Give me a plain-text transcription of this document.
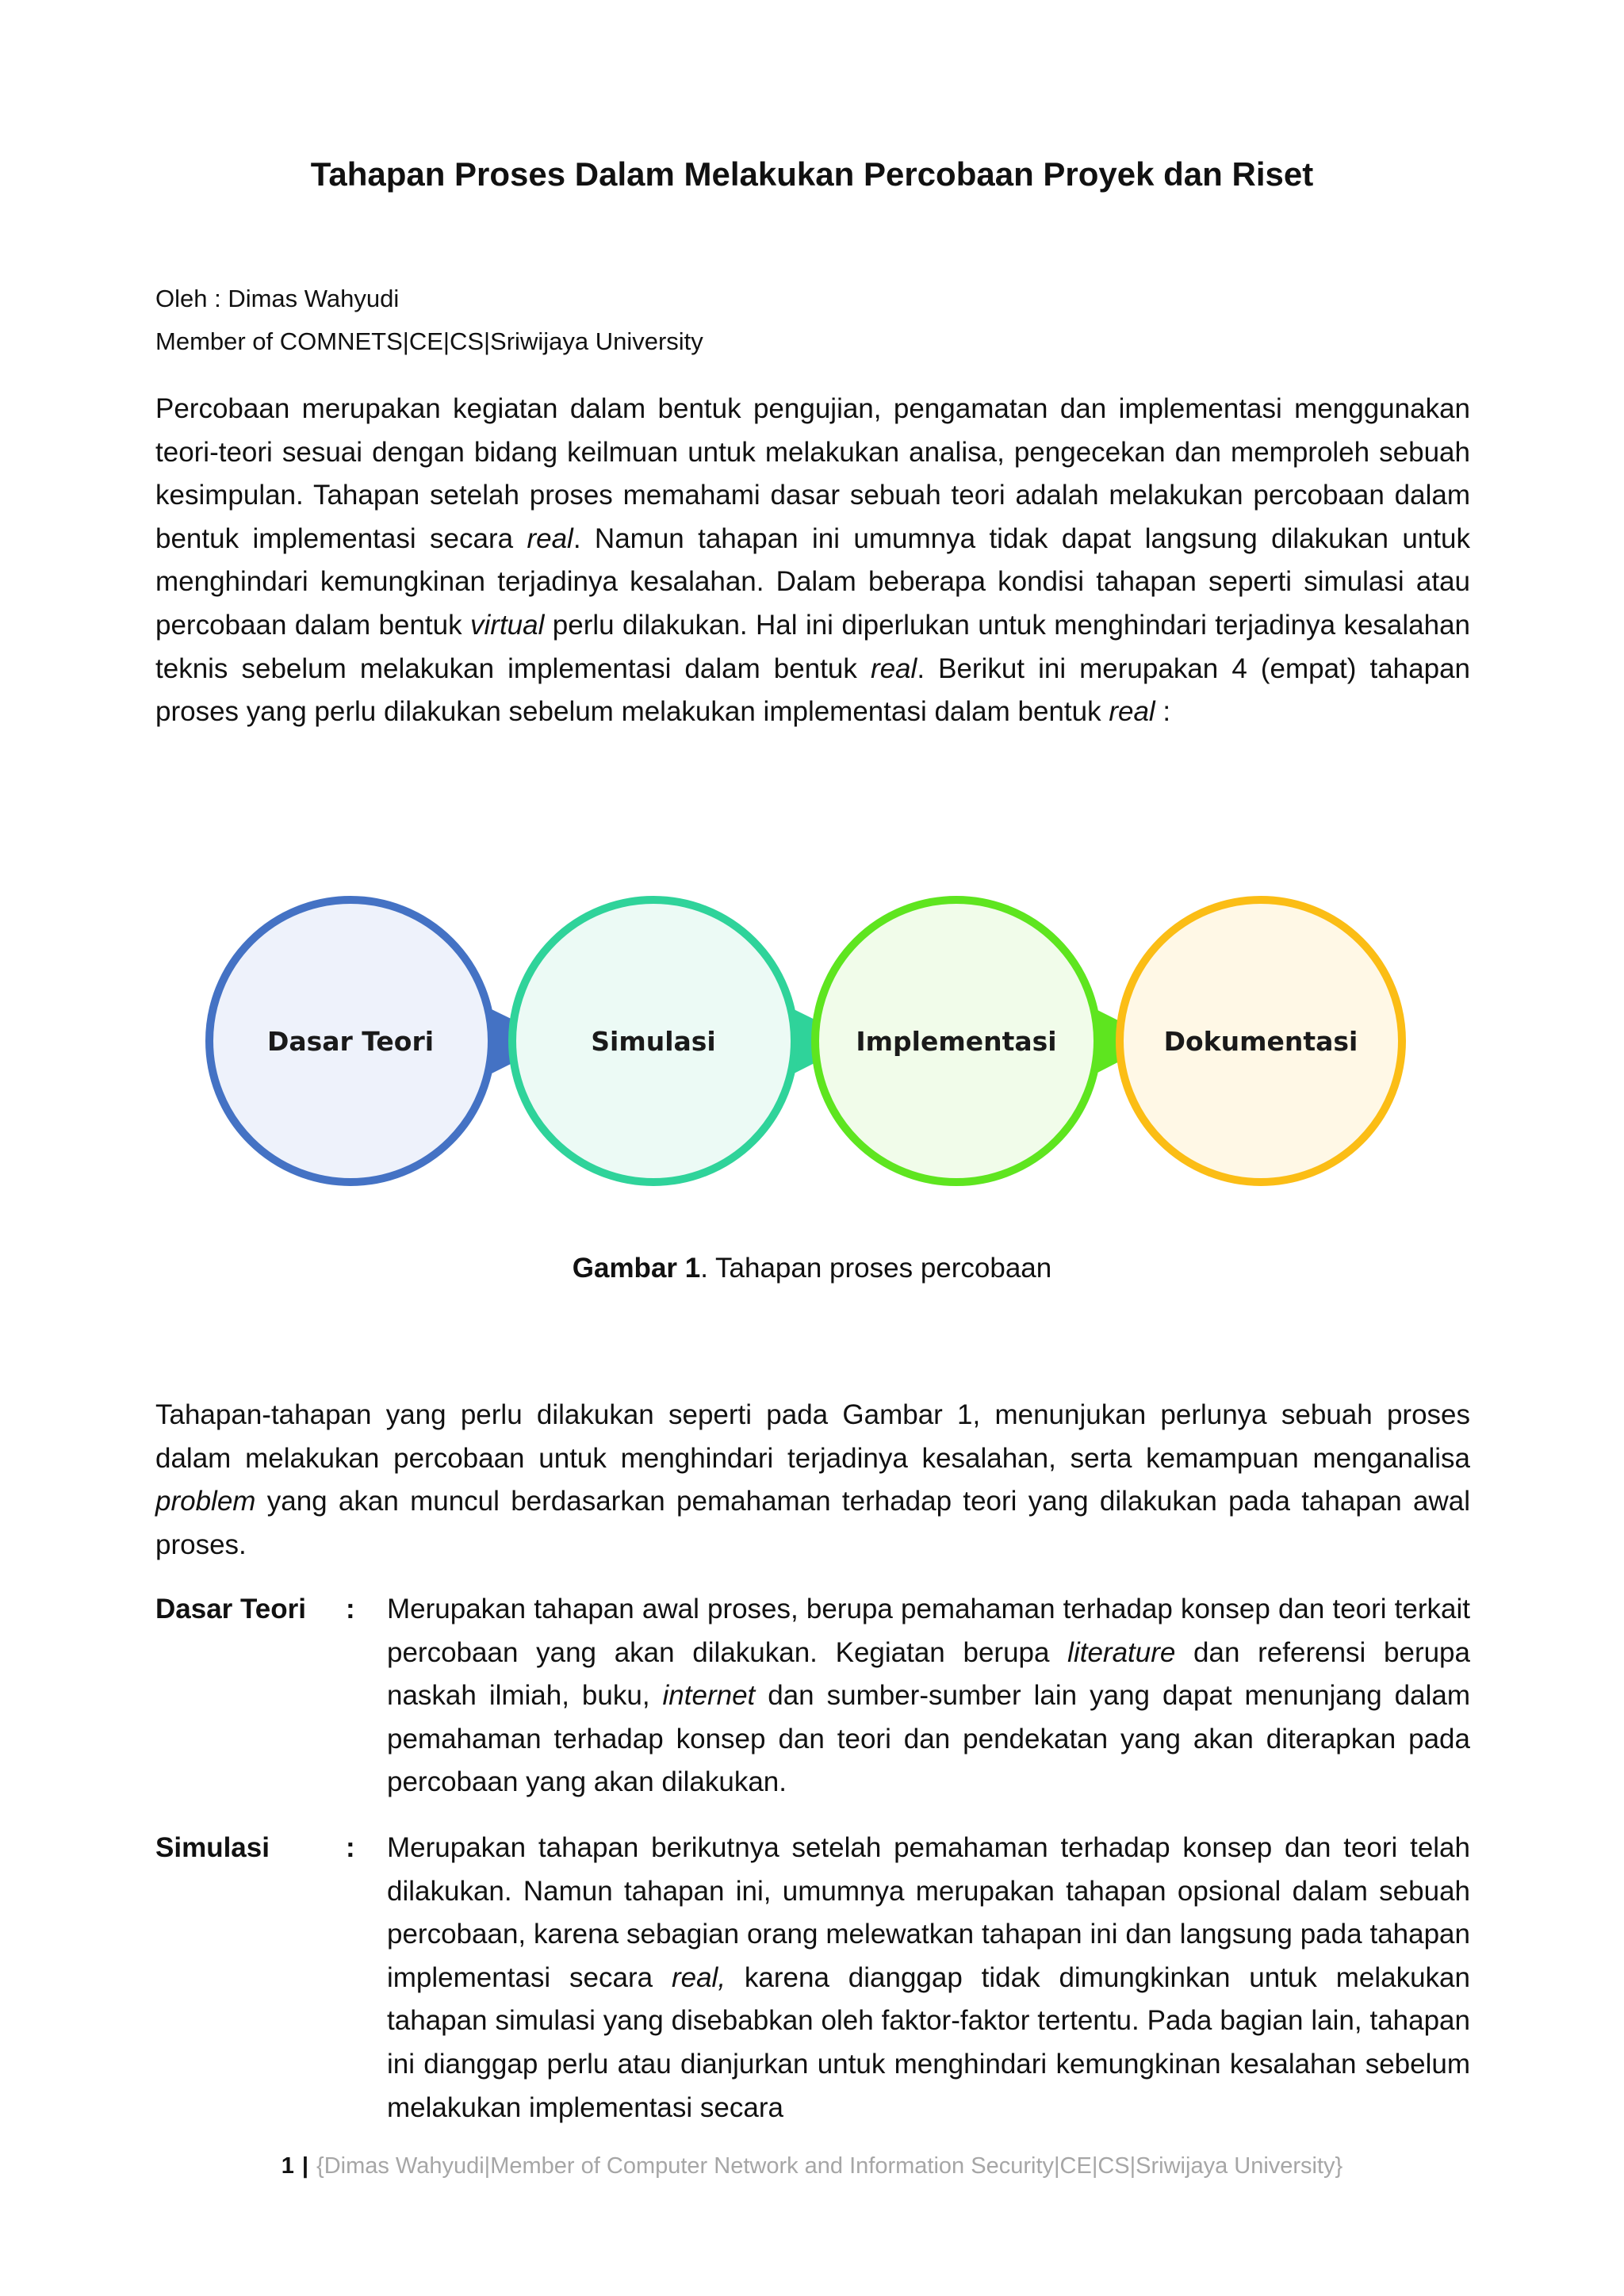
Tahapan Proses Dalam Melakukan Percobaan Proyek dan Riset
Oleh : Dimas Wahyudi
Member of COMNETS|CE|CS|Sriwijaya University
Percobaan merupakan kegiatan dalam bentuk pengujian, pengamatan dan implementasi menggunakan teori-teori sesuai dengan bidang keilmuan untuk melakukan analisa, pengecekan dan memproleh sebuah kesimpulan. Tahapan setelah proses memahami dasar sebuah teori adalah melakukan percobaan dalam bentuk implementasi secara real. Namun tahapan ini umumnya tidak dapat langsung dilakukan untuk menghindari kemungkinan terjadinya kesalahan. Dalam beberapa kondisi tahapan seperti simulasi atau percobaan dalam bentuk virtual perlu dilakukan. Hal ini diperlukan untuk menghindari terjadinya kesalahan teknis sebelum melakukan implementasi dalam bentuk real. Berikut ini merupakan 4 (empat) tahapan proses yang perlu dilakukan sebelum melakukan implementasi dalam bentuk real :
Dasar Teori	Simulasi	Implementasi	Dokumentasi
Gambar 1. Tahapan proses percobaan
Tahapan-tahapan yang perlu dilakukan seperti pada Gambar 1, menunjukan perlunya sebuah proses dalam melakukan percobaan untuk menghindari terjadinya kesalahan, serta kemampuan menganalisa problem yang akan muncul berdasarkan pemahaman terhadap teori yang dilakukan pada tahapan awal proses.
Dasar Teori : Merupakan tahapan awal proses, berupa pemahaman terhadap konsep dan teori terkait percobaan yang akan dilakukan. Kegiatan berupa literature dan referensi berupa naskah ilmiah, buku, internet dan sumber-sumber lain yang dapat menunjang dalam pemahaman terhadap konsep dan teori dan pendekatan yang akan diterapkan pada percobaan yang akan dilakukan.
Simulasi	: Merupakan tahapan berikutnya setelah pemahaman terhadap konsep dan teori telah dilakukan. Namun tahapan ini, umumnya merupakan tahapan opsional dalam sebuah percobaan, karena sebagian orang melewatkan tahapan ini dan langsung pada tahapan implementasi secara real, karena dianggap tidak dimungkinkan untuk melakukan tahapan simulasi yang disebabkan oleh faktor-faktor tertentu. Pada bagian lain, tahapan ini dianggap perlu atau dianjurkan untuk menghindari kemungkinan kesalahan sebelum melakukan implementasi secara
1 | {Dimas Wahyudi|Member of Computer Network and Information Security|CE|CS|Sriwijaya University}
